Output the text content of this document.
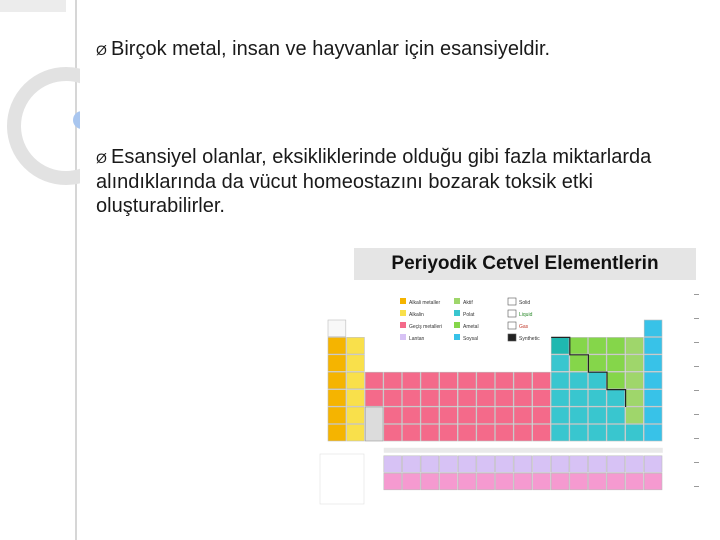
Ø Birçok metal, insan ve hayvanlar için esansiyeldir.
Ø Esansiyel olanlar, eksikliklerinde olduğu gibi fazla miktarlarda alındıklarında da vücut homeostazını bozarak toksik etki oluşturabilirler.
Periyodik Cetvel Elementlerin
Alkali metaller
Alkalin
Geçiş metalleri
Lantan
Aktif
Polat
Ametal
Soysal
Solid
Liquid
Gas
Synthetic
